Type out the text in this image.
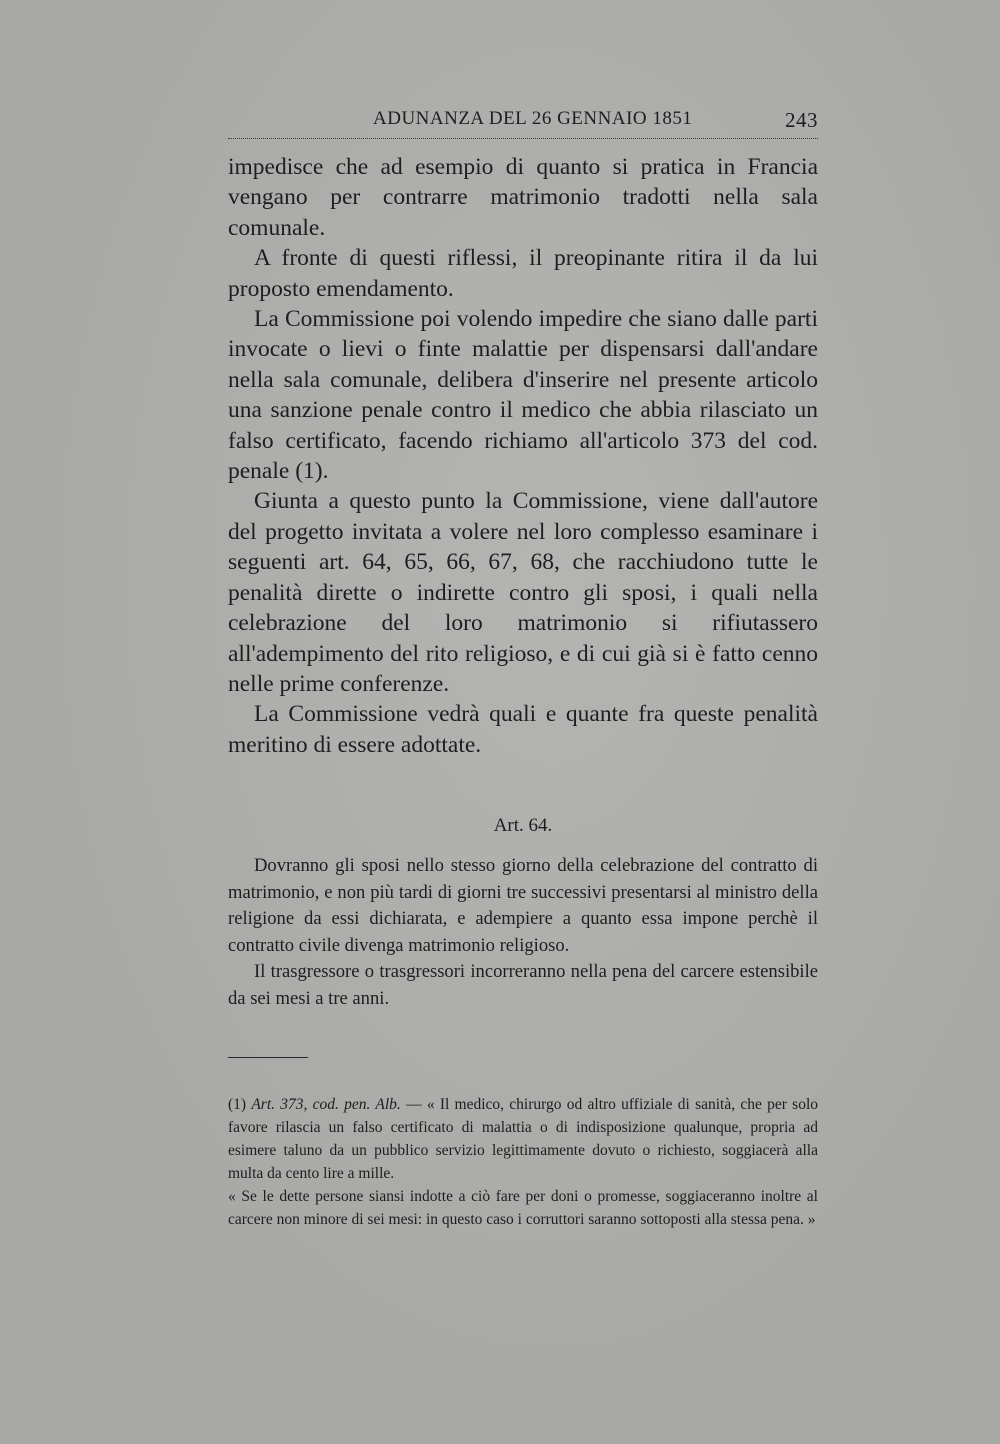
ADUNANZA DEL 26 GENNAIO 1851	243

impedisce che ad esempio di quanto si pratica in Francia vengano per contrarre matrimonio tradotti nella sala comunale.

A fronte di questi riflessi, il preopinante ritira il da lui proposto emendamento.

La Commissione poi volendo impedire che siano dalle parti invocate o lievi o finte malattie per dispensarsi dall'andare nella sala comunale, delibera d'inserire nel presente articolo una sanzione penale contro il medico che abbia rilasciato un falso certificato, facendo richiamo all'articolo 373 del cod. penale (1).

Giunta a questo punto la Commissione, viene dall'autore del progetto invitata a volere nel loro complesso esaminare i seguenti art. 64, 65, 66, 67, 68, che racchiudono tutte le penalità dirette o indirette contro gli sposi, i quali nella celebrazione del loro matrimonio si rifiutassero all'adempimento del rito religioso, e di cui già si è fatto cenno nelle prime conferenze.

La Commissione vedrà quali e quante fra queste penalità meritino di essere adottate.

Art. 64.

Dovranno gli sposi nello stesso giorno della celebrazione del contratto di matrimonio, e non più tardi di giorni tre successivi presentarsi al ministro della religione da essi dichiarata, e adempiere a quanto essa impone perchè il contratto civile divenga matrimonio religioso.

Il trasgressore o trasgressori incorreranno nella pena del carcere estensibile da sei mesi a tre anni.

(1) Art. 373, cod. pen. Alb. — « Il medico, chirurgo od altro uffiziale di sanità, che per solo favore rilascia un falso certificato di malattia o di indisposizione qualunque, propria ad esimere taluno da un pubblico servizio legittimamente dovuto o richiesto, soggiacerà alla multa da cento lire a mille.

« Se le dette persone siansi indotte a ciò fare per doni o promesse, soggiaceranno inoltre al carcere non minore di sei mesi: in questo caso i corruttori saranno sottoposti alla stessa pena. »
